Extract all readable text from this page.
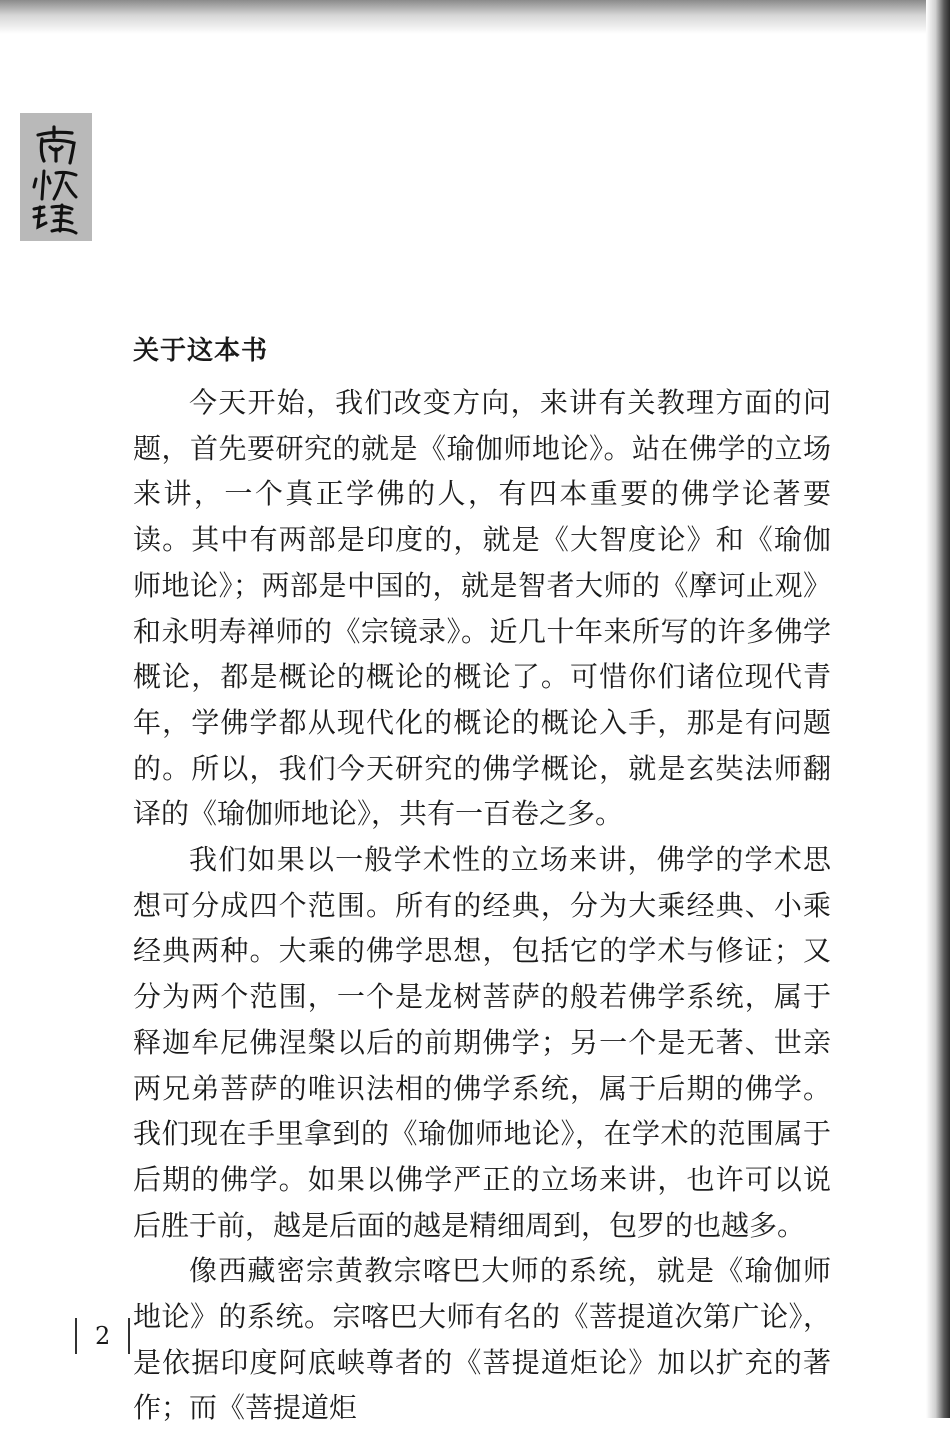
关于这本书

今天开始，我们改变方向，来讲有关教理方面的问题，首先要研究的就是《瑜伽师地论》。站在佛学的立场来讲，一个真正学佛的人，有四本重要的佛学论著要读。其中有两部是印度的，就是《大智度论》和《瑜伽师地论》；两部是中国的，就是智者大师的《摩诃止观》和永明寿禅师的《宗镜录》。近几十年来所写的许多佛学概论，都是概论的概论的概论了。可惜你们诸位现代青年，学佛学都从现代化的概论的概论入手，那是有问题的。所以，我们今天研究的佛学概论，就是玄奘法师翻译的《瑜伽师地论》，共有一百卷之多。

我们如果以一般学术性的立场来讲，佛学的学术思想可分成四个范围。所有的经典，分为大乘经典、小乘经典两种。大乘的佛学思想，包括它的学术与修证；又分为两个范围，一个是龙树菩萨的般若佛学系统，属于释迦牟尼佛涅槃以后的前期佛学；另一个是无著、世亲两兄弟菩萨的唯识法相的佛学系统，属于后期的佛学。我们现在手里拿到的《瑜伽师地论》，在学术的范围属于后期的佛学。如果以佛学严正的立场来讲，也许可以说后胜于前，越是后面的越是精细周到，包罗的也越多。

像西藏密宗黄教宗喀巴大师的系统，就是《瑜伽师地论》的系统。宗喀巴大师有名的《菩提道次第广论》，是依据印度阿底峡尊者的《菩提道炬论》加以扩充的著作；而《菩提道炬

2
